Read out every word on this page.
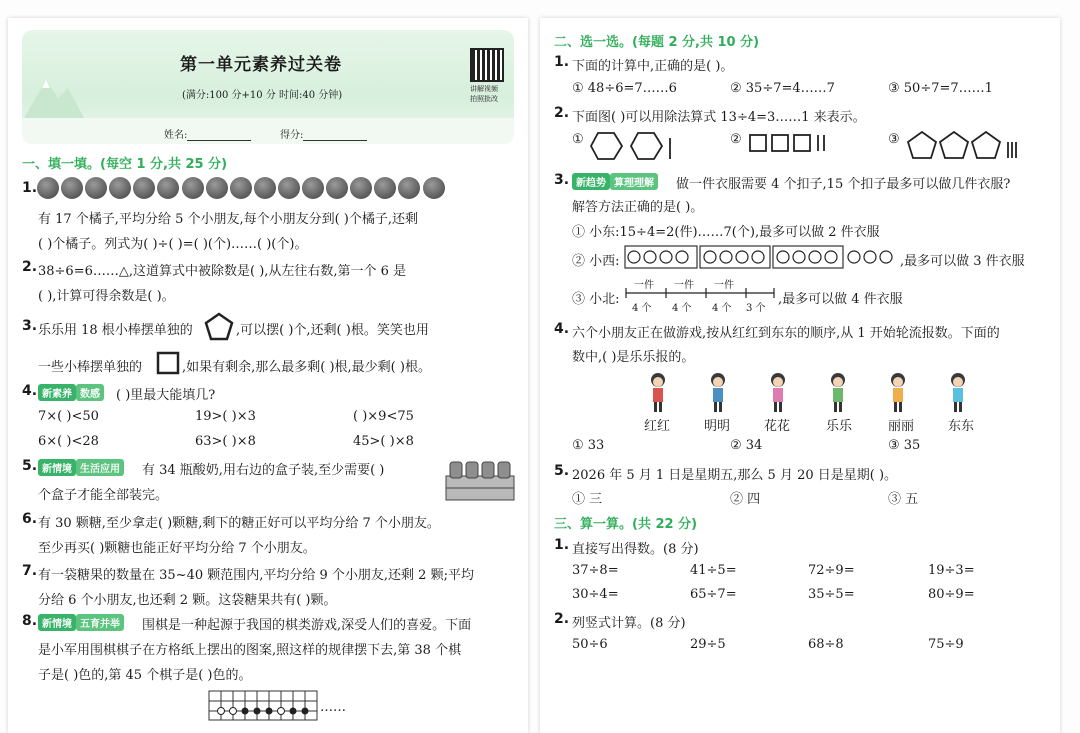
第一单元素养过关卷
(满分:100 分+10 分 时间:40 分钟)
讲解视频
拍照批改
姓名:	得分:
一、填一填。(每空 1 分,共 25 分)
1.
有 17 个橘子,平均分给 5 个小朋友,每个小朋友分到( )个橘子,还剩
( )个橘子。列式为( )÷( )=( )(个)……( )(个)。
2. 38÷6=6……△,这道算式中被除数是( ),从左往右数,第一个 6 是
( ),计算可得余数是( )。
3. 乐乐用 18 根小棒摆单独的	,可以摆( )个,还剩( )根。笑笑也用
一些小棒摆单独的	,如果有剩余,那么最多剩( )根,最少剩( )根。
4. 新素养 数感	( )里最大能填几?
7×( )<50	19>( )×3	( )×9<75
6×( )<28	63>( )×8	45>( )×8
5. 新情境 生活应用	有 34 瓶酸奶,用右边的盒子装,至少需要( )
个盒子才能全部装完。
6. 有 30 颗糖,至少拿走( )颗糖,剩下的糖正好可以平均分给 7 个小朋友。
至少再买( )颗糖也能正好平均分给 7 个小朋友。
7. 有一袋糖果的数量在 35~40 颗范围内,平均分给 9 个小朋友,还剩 2 颗;平均
分给 6 个小朋友,也还剩 2 颗。这袋糖果共有( )颗。
8. 新情境 五育并举	围棋是一种起源于我国的棋类游戏,深受人们的喜爱。下面
是小军用围棋棋子在方格纸上摆出的图案,照这样的规律摆下去,第 38 个棋
子是( )色的,第 45 个棋子是( )色的。
……
二、选一选。(每题 2 分,共 10 分)
1. 下面的计算中,正确的是( )。
① 48÷6=7……6	② 35÷7=4……7	③ 50÷7=7……1
2. 下面图( )可以用除法算式 13÷4=3……1 来表示。
①	②	③
3. 新趋势 算理理解	做一件衣服需要 4 个扣子,15 个扣子最多可以做几件衣服?
解答方法正确的是( )。
① 小东:15÷4=2(件)……7(个),最多可以做 2 件衣服
② 小西:	,最多可以做 3 件衣服
③ 小北:
一件 一件 一件
4 个 4 个 4 个 3 个
,最多可以做 4 件衣服
4. 六个小朋友正在做游戏,按从红红到东东的顺序,从 1 开始轮流报数。下面的
数中,( )是乐乐报的。
红红	明明	花花	乐乐	丽丽	东东
① 33	② 34	③ 35
5. 2026 年 5 月 1 日是星期五,那么 5 月 20 日是星期( )。
① 三	② 四	③ 五
三、算一算。(共 22 分)
1. 直接写出得数。(8 分)
37÷8=	41÷5=	72÷9=	19÷3=
30÷4=	65÷7=	35÷5=	80÷9=
2. 列竖式计算。(8 分)
50÷6	29÷5	68÷8	75÷9
